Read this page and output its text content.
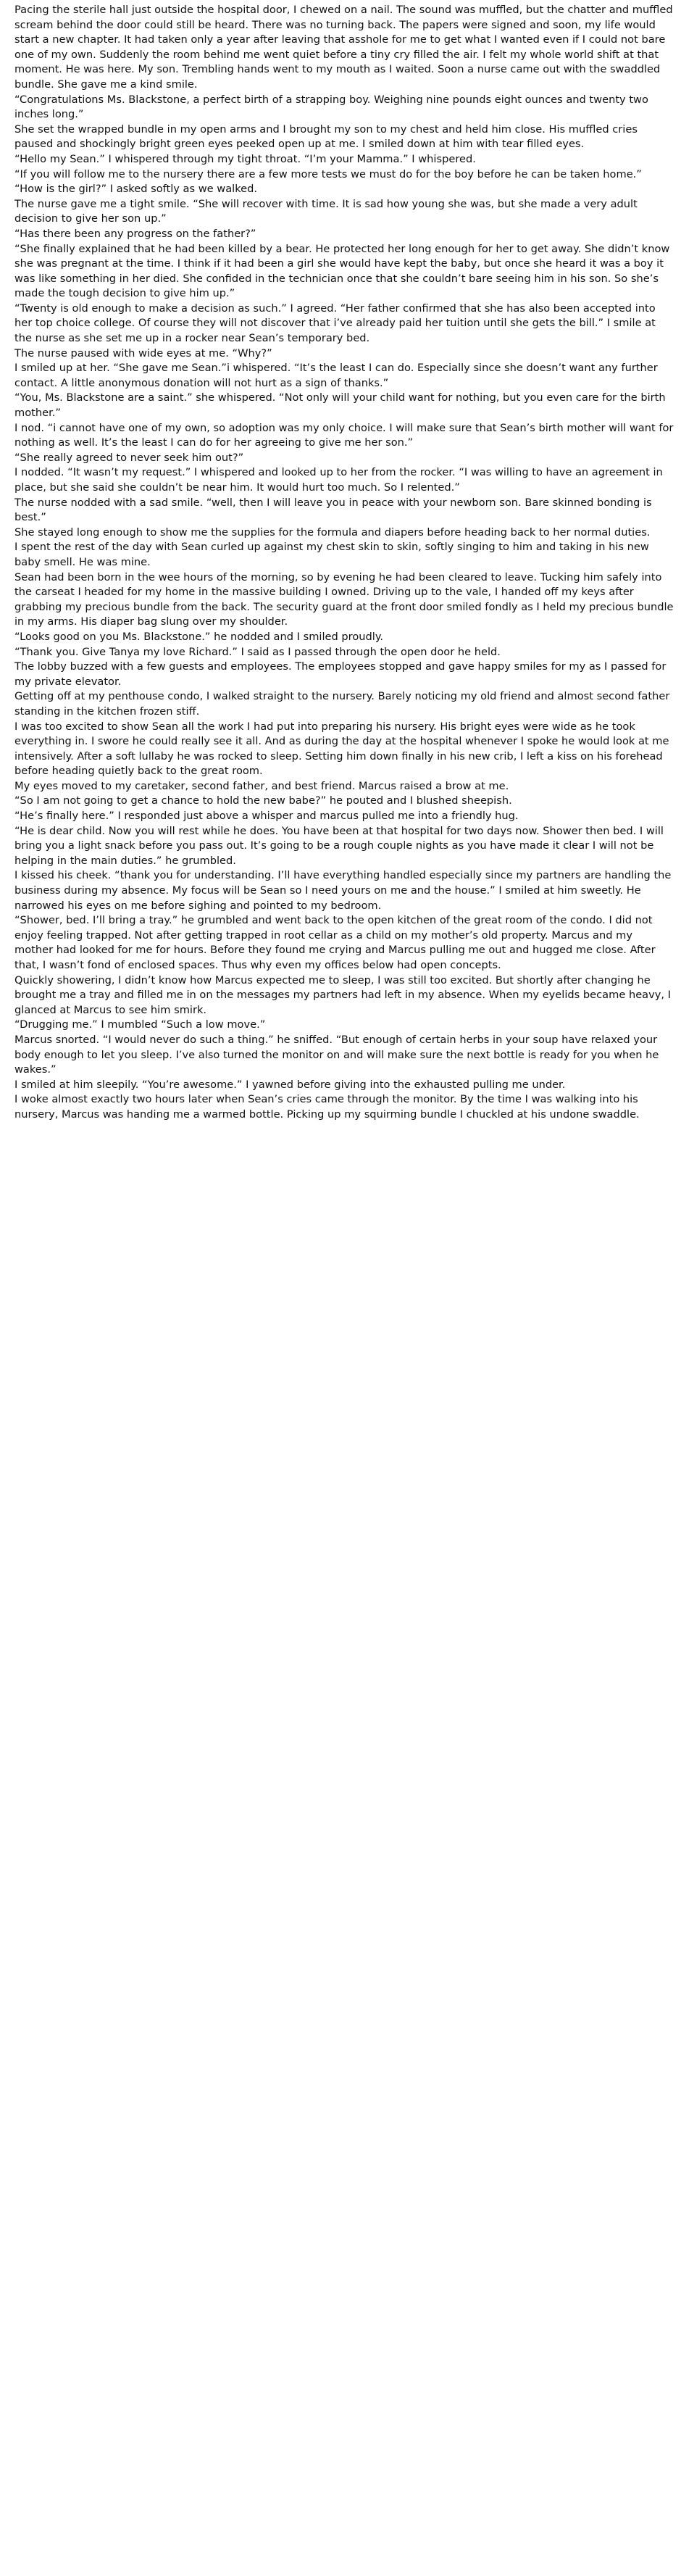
Pacing the sterile hall just outside the hospital door, I chewed on a nail. The sound was muffled, but the chatter and muffled scream behind the door could still be heard. There was no turning back. The papers were signed and soon, my life would start a new chapter. It had taken only a year after leaving that asshole for me to get what I wanted even if I could not bare one of my own. Suddenly the room behind me went quiet before a tiny cry filled the air. I felt my whole world shift at that moment. He was here. My son. Trembling hands went to my mouth as I waited. Soon a nurse came out with the swaddled bundle. She gave me a kind smile.

“Congratulations Ms. Blackstone, a perfect birth of a strapping boy. Weighing nine pounds eight ounces and twenty two inches long.”

She set the wrapped bundle in my open arms and I brought my son to my chest and held him close. His muffled cries paused and shockingly bright green eyes peeked open up at me. I smiled down at him with tear filled eyes.

“Hello my Sean.” I whispered through my tight throat. “I’m your Mamma.” I whispered.

“If you will follow me to the nursery there are a few more tests we must do for the boy before he can be taken home.”

“How is the girl?” I asked softly as we walked.

The nurse gave me a tight smile. “She will recover with time. It is sad how young she was, but she made a very adult decision to give her son up.”

“Has there been any progress on the father?”

“She finally explained that he had been killed by a bear. He protected her long enough for her to get away. She didn’t know she was pregnant at the time. I think if it had been a girl she would have kept the baby, but once she heard it was a boy it was like something in her died. She confided in the technician once that she couldn’t bare seeing him in his son. So she’s made the tough decision to give him up.”

“Twenty is old enough to make a decision as such.” I agreed. “Her father confirmed that she has also been accepted into her top choice college. Of course they will not discover that i’ve already paid her tuition until she gets the bill.” I smile at the nurse as she set me up in a rocker near Sean’s temporary bed.

The nurse paused with wide eyes at me. “Why?”

I smiled up at her. “She gave me Sean.”i whispered. “It’s the least I can do. Especially since she doesn’t want any further contact. A little anonymous donation will not hurt as a sign of thanks.”

“You, Ms. Blackstone are a saint.” she whispered. “Not only will your child want for nothing, but you even care for the birth mother.”

I nod. “i cannot have one of my own, so adoption was my only choice. I will make sure that Sean’s birth mother will want for nothing as well. It’s the least I can do for her agreeing to give me her son.”

“She really agreed to never seek him out?”

I nodded. “It wasn’t my request.” I whispered and looked up to her from the rocker. “I was willing to have an agreement in place, but she said she couldn’t be near him. It would hurt too much. So I relented.”

The nurse nodded with a sad smile. “well, then I will leave you in peace with your newborn son. Bare skinned bonding is best.”

She stayed long enough to show me the supplies for the formula and diapers before heading back to her normal duties.

I spent the rest of the day with Sean curled up against my chest skin to skin, softly singing to him and taking in his new baby smell. He was mine.

Sean had been born in the wee hours of the morning, so by evening he had been cleared to leave. Tucking him safely into the carseat I headed for my home in the massive building I owned. Driving up to the vale, I handed off my keys after grabbing my precious bundle from the back. The security guard at the front door smiled fondly as I held my precious bundle in my arms. His diaper bag slung over my shoulder.

“Looks good on you Ms. Blackstone.” he nodded and I smiled proudly.

“Thank you. Give Tanya my love Richard.” I said as I passed through the open door he held.

The lobby buzzed with a few guests and employees. The employees stopped and gave happy smiles for my as I passed for my private elevator.

Getting off at my penthouse condo, I walked straight to the nursery. Barely noticing my old friend and almost second father standing in the kitchen frozen stiff.

I was too excited to show Sean all the work I had put into preparing his nursery. His bright eyes were wide as he took everything in. I swore he could really see it all. And as during the day at the hospital whenever I spoke he would look at me intensively. After a soft lullaby he was rocked to sleep. Setting him down finally in his new crib, I left a kiss on his forehead before heading quietly back to the great room.

My eyes moved to my caretaker, second father, and best friend. Marcus raised a brow at me.

“So I am not going to get a chance to hold the new babe?” he pouted and I blushed sheepish.

“He’s finally here.” I responded just above a whisper and marcus pulled me into a friendly hug.

“He is dear child. Now you will rest while he does. You have been at that hospital for two days now. Shower then bed. I will bring you a light snack before you pass out. It’s going to be a rough couple nights as you have made it clear I will not be helping in the main duties.” he grumbled.

I kissed his cheek. “thank you for understanding. I’ll have everything handled especially since my partners are handling the business during my absence. My focus will be Sean so I need yours on me and the house.” I smiled at him sweetly. He narrowed his eyes on me before sighing and pointed to my bedroom.

“Shower, bed. I’ll bring a tray.” he grumbled and went back to the open kitchen of the great room of the condo. I did not enjoy feeling trapped. Not after getting trapped in root cellar as a child on my mother’s old property. Marcus and my mother had looked for me for hours. Before they found me crying and Marcus pulling me out and hugged me close. After that, I wasn’t fond of enclosed spaces. Thus why even my offices below had open concepts.

Quickly showering, I didn’t know how Marcus expected me to sleep, I was still too excited. But shortly after changing he brought me a tray and filled me in on the messages my partners had left in my absence. When my eyelids became heavy, I glanced at Marcus to see him smirk.

“Drugging me.” I mumbled “Such a low move.”

Marcus snorted. “I would never do such a thing.” he sniffed. “But enough of certain herbs in your soup have relaxed your body enough to let you sleep. I’ve also turned the monitor on and will make sure the next bottle is ready for you when he wakes.”

I smiled at him sleepily. “You’re awesome.” I yawned before giving into the exhausted pulling me under.

I woke almost exactly two hours later when Sean’s cries came through the monitor. By the time I was walking into his nursery, Marcus was handing me a warmed bottle. Picking up my squirming bundle I chuckled at his undone swaddle.
